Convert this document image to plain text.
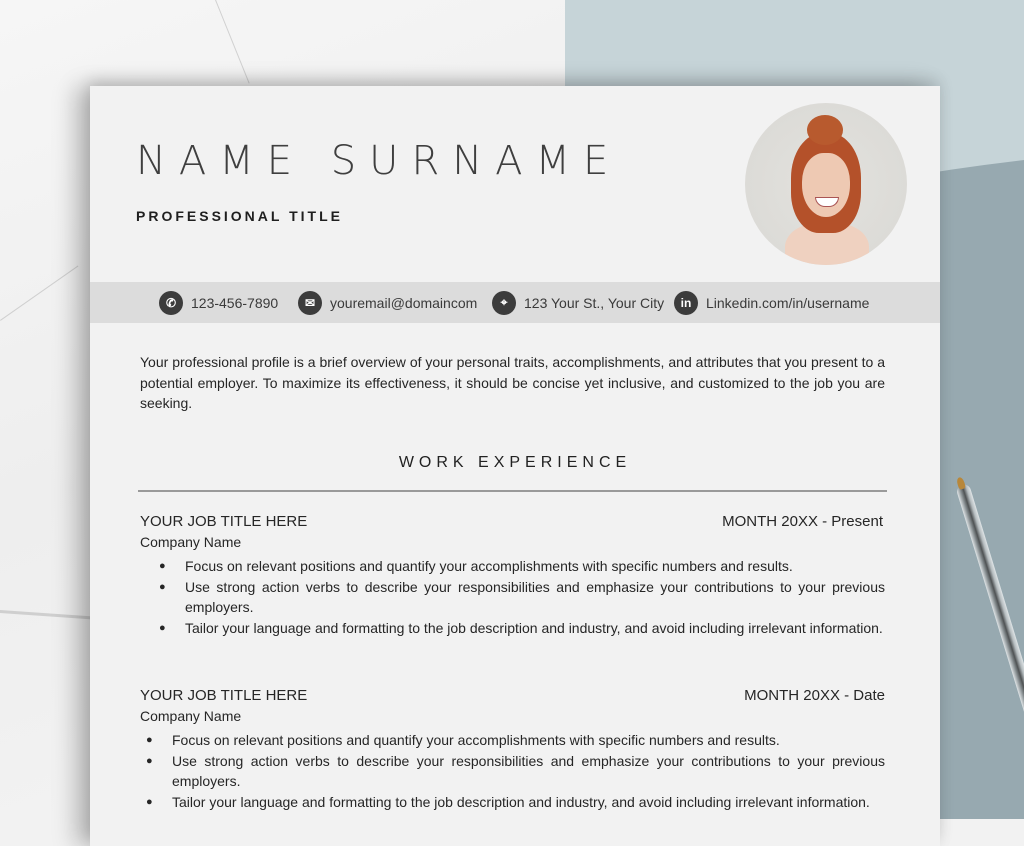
NAME SURNAME
PROFESSIONAL TITLE
✆	123-456-7890	✉	youremail@domaincom	⌖	123 Your St., Your City	in	Linkedin.com/in/username
Your professional profile is a brief overview of your personal traits, accomplishments, and attributes that you present to a potential employer. To maximize its effectiveness, it should be concise yet inclusive, and customized to the job you are seeking.
WORK EXPERIENCE
YOUR JOB TITLE HERE	MONTH 20XX - Present
Company Name
● Focus on relevant positions and quantify your accomplishments with specific numbers and results.
● Use strong action verbs to describe your responsibilities and emphasize your contributions to your previous employers.
● Tailor your language and formatting to the job description and industry, and avoid including irrelevant information.
YOUR JOB TITLE HERE	MONTH 20XX - Date
Company Name
● Focus on relevant positions and quantify your accomplishments with specific numbers and results.
● Use strong action verbs to describe your responsibilities and emphasize your contributions to your previous employers.
● Tailor your language and formatting to the job description and industry, and avoid including irrelevant information.
